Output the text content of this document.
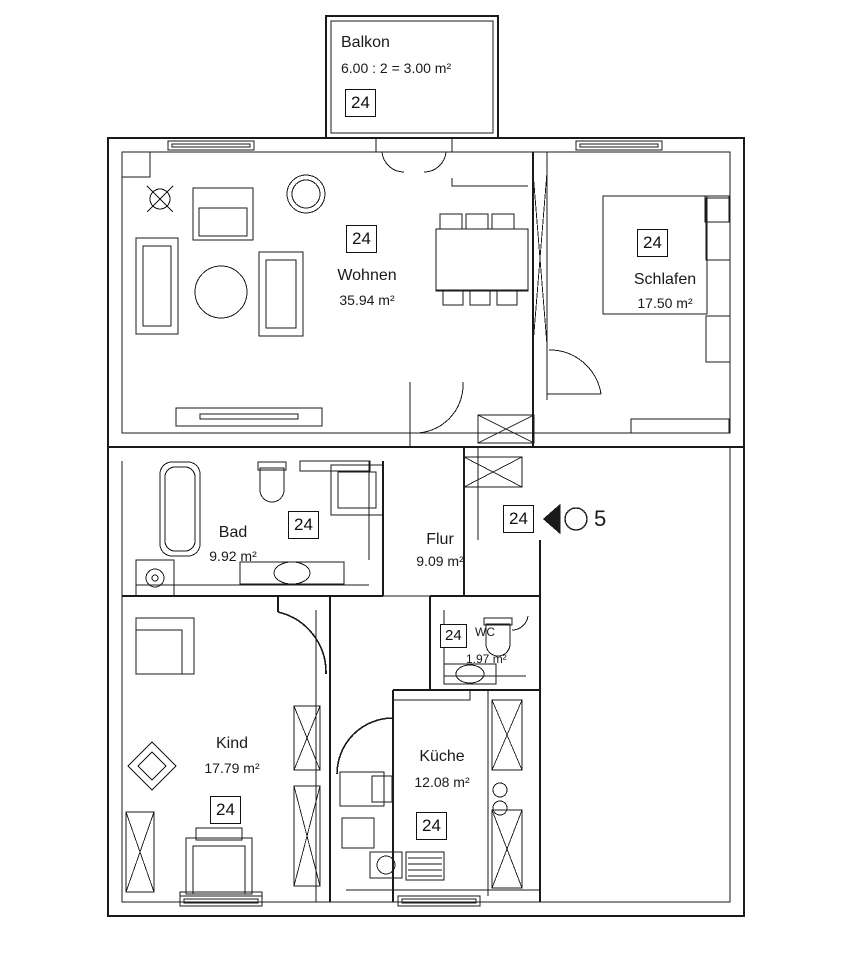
Balkon
6.00 : 2 = 3.00 m²
24
24
Wohnen
35.94 m²
24
Schlafen
17.50 m²
Bad
9.92 m²
24
Flur
9.09 m²
24	5
WC
1.97 m²
24
Kind
17.79 m²
24
Küche
12.08 m²
24
